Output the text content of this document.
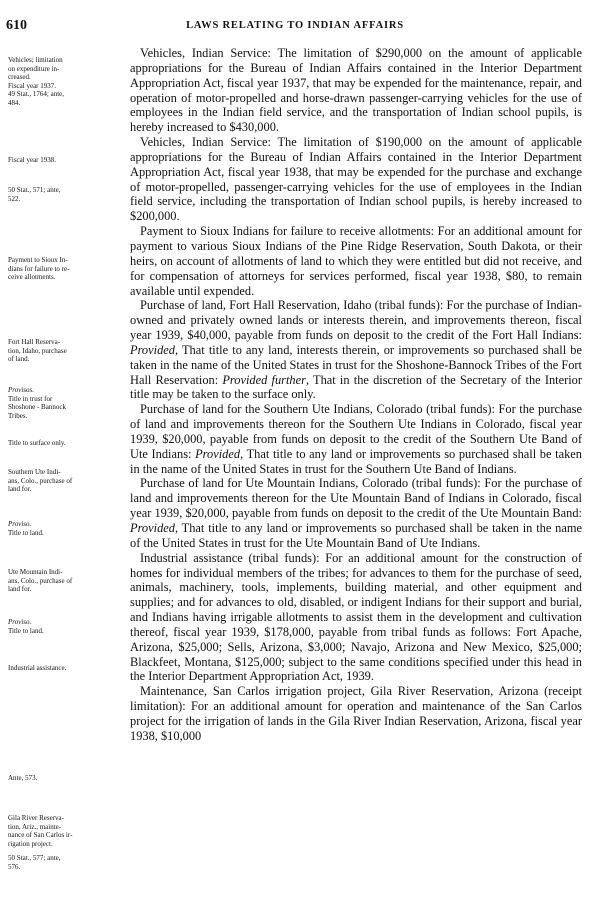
610	LAWS RELATING TO INDIAN AFFAIRS
Vehicles; limitation
on expenditure in-
creased.
Fiscal year 1937.
49 Stat., 1764; ante,
484.
Fiscal year 1938.
50 Stat., 571; ante,
522.
Payment to Sioux In-
dians for failure to re-
ceive allotments.
Fort Hall Reserva-
tion, Idaho, purchase
of land.
Provisos.
Title in trust for
Shoshone - Bannock
Tribes.
Title to surface only.
Southern Ute Indi-
ans, Colo., purchase of
land for.
Proviso.
Title to land.
Ute Mountain Indi-
ans, Colo., purchase of
land for.
Proviso.
Title to land.
Industrial assistance.
Ante, 573.
Gila River Reserva-
tion, Ariz., mainte-
nance of San Carlos ir-
rigation project.
50 Stat., 577; ante,
576.

Vehicles, Indian Service: The limitation of $290,000 on the amount of applicable appropriations for the Bureau of Indian Affairs contained in the Interior Department Appropriation Act, fiscal year 1937, that may be expended for the maintenance, repair, and operation of motor-propelled and horse-drawn passenger-carrying vehicles for the use of employees in the Indian field service, and the transportation of Indian school pupils, is hereby increased to $430,000.

Vehicles, Indian Service: The limitation of $190,000 on the amount of applicable appropriations for the Bureau of Indian Affairs contained in the Interior Department Appropriation Act, fiscal year 1938, that may be expended for the purchase and exchange of motor-propelled, passenger-carrying vehicles for the use of employees in the Indian field service, including the transportation of Indian school pupils, is hereby increased to $200,000.

Payment to Sioux Indians for failure to receive allotments: For an additional amount for payment to various Sioux Indians of the Pine Ridge Reservation, South Dakota, or their heirs, on account of allotments of land to which they were entitled but did not receive, and for compensation of attorneys for services performed, fiscal year 1938, $80, to remain available until expended.

Purchase of land, Fort Hall Reservation, Idaho (tribal funds): For the purchase of Indian-owned and privately owned lands or interests therein, and improvements thereon, fiscal year 1939, $40,000, payable from funds on deposit to the credit of the Fort Hall Indians: Provided, That title to any land, interests therein, or improvements so purchased shall be taken in the name of the United States in trust for the Shoshone-Bannock Tribes of the Fort Hall Reservation: Provided further, That in the discretion of the Secretary of the Interior title may be taken to the surface only.

Purchase of land for the Southern Ute Indians, Colorado (tribal funds): For the purchase of land and improvements thereon for the Southern Ute Indians in Colorado, fiscal year 1939, $20,000, payable from funds on deposit to the credit of the Southern Ute Band of Ute Indians: Provided, That title to any land or improvements so purchased shall be taken in the name of the United States in trust for the Southern Ute Band of Indians.

Purchase of land for Ute Mountain Indians, Colorado (tribal funds): For the purchase of land and improvements thereon for the Ute Mountain Band of Indians in Colorado, fiscal year 1939, $20,000, payable from funds on deposit to the credit of the Ute Mountain Band: Provided, That title to any land or improvements so purchased shall be taken in the name of the United States in trust for the Ute Mountain Band of Ute Indians.

Industrial assistance (tribal funds): For an additional amount for the construction of homes for individual members of the tribes; for advances to them for the purchase of seed, animals, machinery, tools, implements, building material, and other equipment and supplies; and for advances to old, disabled, or indigent Indians for their support and burial, and Indians having irrigable allotments to assist them in the development and cultivation thereof, fiscal year 1939, $178,000, payable from tribal funds as follows: Fort Apache, Arizona, $25,000; Sells, Arizona, $3,000; Navajo, Arizona and New Mexico, $25,000; Blackfeet, Montana, $125,000; subject to the same conditions specified under this head in the Interior Department Appropriation Act, 1939.

Maintenance, San Carlos irrigation project, Gila River Reservation, Arizona (receipt limitation): For an additional amount for operation and maintenance of the San Carlos project for the irrigation of lands in the Gila River Indian Reservation, Arizona, fiscal year 1938, $10,000
